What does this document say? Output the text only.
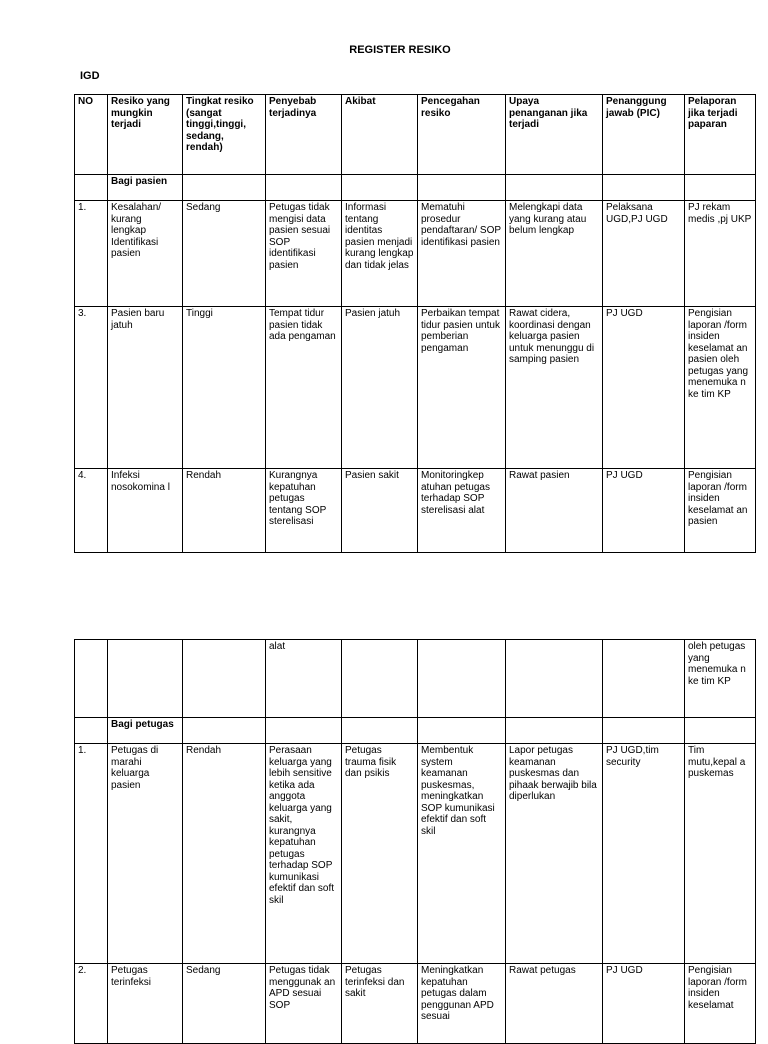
REGISTER RESIKO
IGD
NO	Resiko yang mungkin terjadi	Tingkat resiko (sangat tinggi,tinggi, sedang, rendah)	Penyebab terjadinya	Akibat	Pencegahan resiko	Upaya penanganan jika terjadi	Penanggung jawab (PIC)	Pelaporan jika terjadi paparan
	Bagi pasien							
1.	Kesalahan/ kurang lengkap Identifikasi pasien	Sedang	Petugas tidak mengisi data pasien sesuai SOP identifikasi pasien	Informasi tentang identitas pasien menjadi kurang lengkap dan tidak jelas	Mematuhi prosedur pendaftaran/ SOP identifikasi pasien	Melengkapi data yang kurang atau belum lengkap	Pelaksana UGD,PJ UGD	PJ rekam medis ,pj UKP
3.	Pasien baru jatuh	Tinggi	Tempat tidur pasien tidak ada pengaman	Pasien jatuh	Perbaikan tempat tidur pasien untuk pemberian pengaman	Rawat cidera, koordinasi dengan keluarga pasien untuk menunggu di samping pasien	PJ UGD	Pengisian laporan /form insiden keselamat an pasien oleh petugas yang menemuka n ke tim KP
4.	Infeksi nosokomina l	Rendah	Kurangnya kepatuhan petugas tentang SOP sterelisasi	Pasien sakit	Monitoringkep atuhan petugas terhadap SOP sterelisasi alat	Rawat pasien	PJ UGD	Pengisian laporan /form insiden keselamat an pasien
			alat					oleh petugas yang menemuka n ke tim KP
	Bagi petugas							
1.	Petugas di marahi keluarga pasien	Rendah	Perasaan keluarga yang lebih sensitive ketika ada anggota keluarga yang sakit, kurangnya kepatuhan petugas terhadap SOP kumunikasi efektif dan soft skil	Petugas trauma fisik dan psikis	Membentuk system keamanan puskesmas, meningkatkan SOP kumunikasi efektif dan soft skil	Lapor petugas keamanan puskesmas dan pihaak berwajib bila diperlukan	PJ UGD,tim security	Tim mutu,kepal a puskemas
2.	Petugas terinfeksi	Sedang	Petugas tidak menggunak an APD sesuai SOP	Petugas terinfeksi dan sakit	Meningkatkan kepatuhan petugas dalam penggunan APD sesuai	Rawat petugas	PJ UGD	Pengisian laporan /form insiden keselamat
